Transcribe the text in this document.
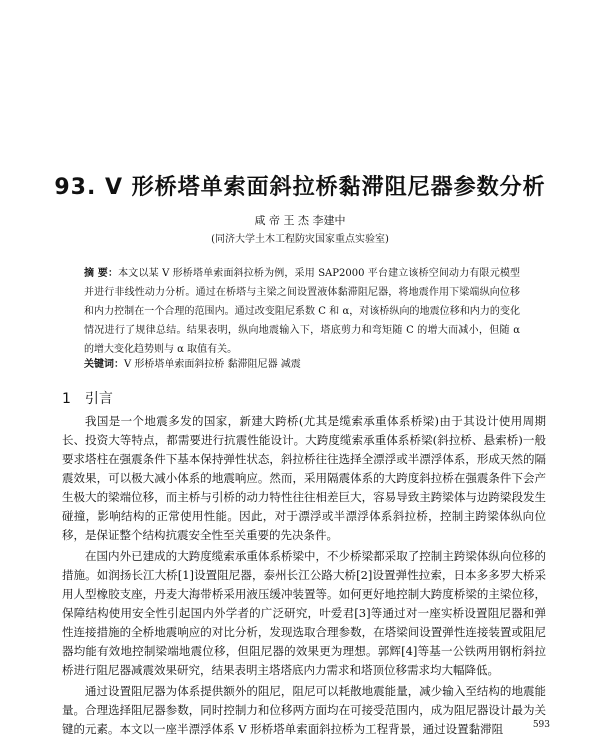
93. V 形桥塔单索面斜拉桥黏滞阻尼器参数分析
咸 帝 王 杰 李建中
(同济大学土木工程防灾国家重点实验室)
摘 要：本文以某 V 形桥塔单索面斜拉桥为例，采用 SAP2000 平台建立该桥空间动力有限元模型并进行非线性动力分析。通过在桥塔与主梁之间设置液体黏滞阻尼器，将地震作用下梁端纵向位移和内力控制在一个合理的范围内。通过改变阻尼系数 C 和 α，对该桥纵向的地震位移和内力的变化情况进行了规律总结。结果表明，纵向地震输入下，塔底剪力和弯矩随 C 的增大而减小，但随 α 的增大变化趋势则与 α 取值有关。
关键词：V 形桥塔单索面斜拉桥 黏滞阻尼器 减震
1 引言

我国是一个地震多发的国家，新建大跨桥(尤其是缆索承重体系桥梁)由于其设计使用周期长、投资大等特点，都需要进行抗震性能设计。大跨度缆索承重体系桥梁(斜拉桥、悬索桥)一般要求塔柱在强震条件下基本保持弹性状态，斜拉桥往往选择全漂浮或半漂浮体系，形成天然的隔震效果，可以极大减小体系的地震响应。然而，采用隔震体系的大跨度斜拉桥在强震条件下会产生极大的梁端位移，而主桥与引桥的动力特性往往相差巨大，容易导致主跨梁体与边跨梁段发生碰撞，影响结构的正常使用性能。因此，对于漂浮或半漂浮体系斜拉桥，控制主跨梁体纵向位移，是保证整个结构抗震安全性至关重要的先决条件。

在国内外已建成的大跨度缆索承重体系桥梁中，不少桥梁都采取了控制主跨梁体纵向位移的措施。如润扬长江大桥[1]设置阻尼器，泰州长江公路大桥[2]设置弹性拉索，日本多多罗大桥采用人型橡胶支座，丹麦大海带桥采用液压缓冲装置等。如何更好地控制大跨度桥梁的主梁位移，保障结构使用安全性引起国内外学者的广泛研究，叶爱君[3]等通过对一座实桥设置阻尼器和弹性连接措施的全桥地震响应的对比分析，发现选取合理参数，在塔梁间设置弹性连接装置或阻尼器均能有效地控制梁端地震位移，但阻尼器的效果更为理想。郭辉[4]等基一公铁两用钢桁斜拉桥进行阻尼器减震效果研究，结果表明主塔塔底内力需求和塔顶位移需求均大幅降低。

通过设置阻尼器为体系提供额外的阻尼，阻尼可以耗散地震能量，减少输入至结构的地震能量。合理选择阻尼器参数，同时控制力和位移两方面均在可接受范围内，成为阻尼器设计最为关键的元素。本文以一座半漂浮体系 V 形桥塔单索面斜拉桥为工程背景，通过设置黏滞阻	593
